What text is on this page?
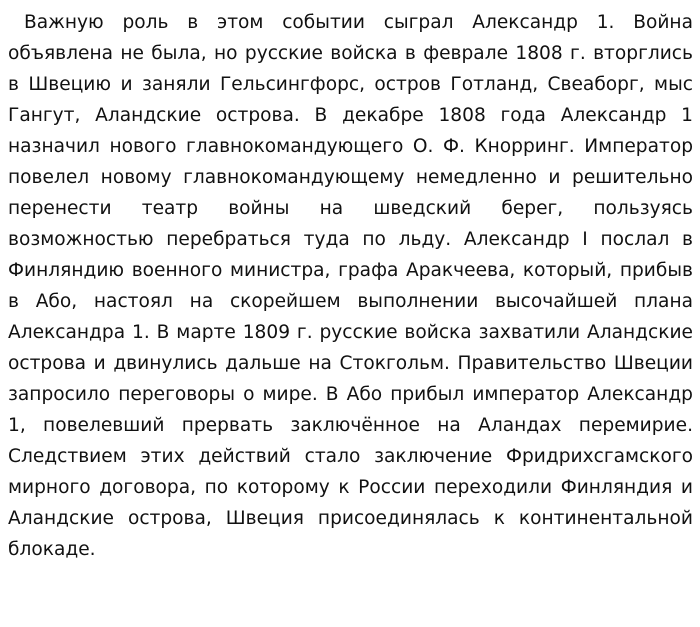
Важную роль в этом событии сыграл Александр 1. Война объявлена не была, но русские войска в феврале 1808 г. вторглись в Швецию и заняли Гельсингфорс, остров Готланд, Свеаборг, мыс Гангут, Аландские острова. В декабре 1808 года Александр 1 назначил нового главнокомандующего О. Ф. Кнорринг. Император повелел новому главнокомандующему немедленно и решительно перенести театр войны на шведский берег, пользуясь возможностью перебраться туда по льду. Александр I послал в Финляндию военного министра, графа Аракчеева, который, прибыв в Або, настоял на скорейшем выполнении высочайшей плана Александра 1. В марте 1809 г. русские войска захватили Аландские острова и двинулись дальше на Стокгольм. Правительство Швеции запросило переговоры о мире. В Або прибыл император Александр 1, повелевший прервать заключённое на Аландах перемирие. Следствием этих действий стало заключение Фридрихсгамского мирного договора, по которому к России переходили Финляндия и Аландские острова, Швеция присоединялась к континентальной блокаде.
